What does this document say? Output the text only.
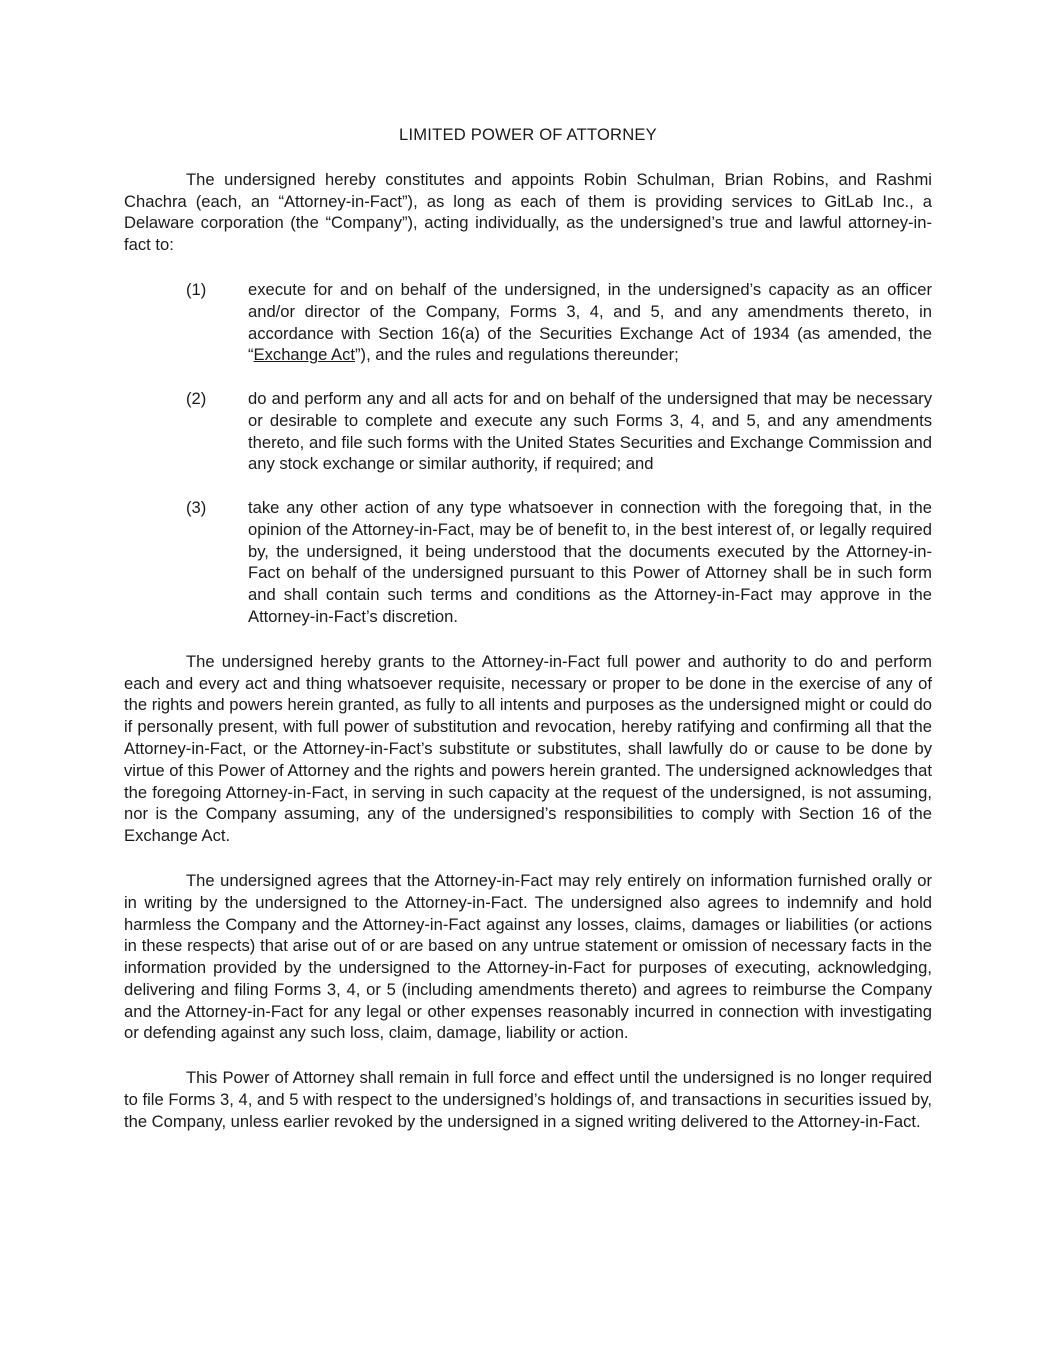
LIMITED POWER OF ATTORNEY

The undersigned hereby constitutes and appoints Robin Schulman, Brian Robins, and Rashmi Chachra (each, an “Attorney-in-Fact”), as long as each of them is providing services to GitLab Inc., a Delaware corporation (the “Company”), acting individually, as the undersigned’s true and lawful attorney-in-fact to:

(1)	execute for and on behalf of the undersigned, in the undersigned’s capacity as an officer and/or director of the Company, Forms 3, 4, and 5, and any amendments thereto, in accordance with Section 16(a) of the Securities Exchange Act of 1934 (as amended, the “Exchange Act”), and the rules and regulations thereunder;
(2)	do and perform any and all acts for and on behalf of the undersigned that may be necessary or desirable to complete and execute any such Forms 3, 4, and 5, and any amendments thereto, and file such forms with the United States Securities and Exchange Commission and any stock exchange or similar authority, if required; and
(3)	take any other action of any type whatsoever in connection with the foregoing that, in the opinion of the Attorney-in-Fact, may be of benefit to, in the best interest of, or legally required by, the undersigned, it being understood that the documents executed by the Attorney-in-Fact on behalf of the undersigned pursuant to this Power of Attorney shall be in such form and shall contain such terms and conditions as the Attorney-in-Fact may approve in the Attorney-in-Fact’s discretion.

The undersigned hereby grants to the Attorney-in-Fact full power and authority to do and perform each and every act and thing whatsoever requisite, necessary or proper to be done in the exercise of any of the rights and powers herein granted, as fully to all intents and purposes as the undersigned might or could do if personally present, with full power of substitution and revocation, hereby ratifying and confirming all that the Attorney-in-Fact, or the Attorney-in-Fact’s substitute or substitutes, shall lawfully do or cause to be done by virtue of this Power of Attorney and the rights and powers herein granted. The undersigned acknowledges that the foregoing Attorney-in-Fact, in serving in such capacity at the request of the undersigned, is not assuming, nor is the Company assuming, any of the undersigned’s responsibilities to comply with Section 16 of the Exchange Act.

The undersigned agrees that the Attorney-in-Fact may rely entirely on information furnished orally or in writing by the undersigned to the Attorney-in-Fact. The undersigned also agrees to indemnify and hold harmless the Company and the Attorney-in-Fact against any losses, claims, damages or liabilities (or actions in these respects) that arise out of or are based on any untrue statement or omission of necessary facts in the information provided by the undersigned to the Attorney-in-Fact for purposes of executing, acknowledging, delivering and filing Forms 3, 4, or 5 (including amendments thereto) and agrees to reimburse the Company and the Attorney-in-Fact for any legal or other expenses reasonably incurred in connection with investigating or defending against any such loss, claim, damage, liability or action.

This Power of Attorney shall remain in full force and effect until the undersigned is no longer required to file Forms 3, 4, and 5 with respect to the undersigned’s holdings of, and transactions in securities issued by, the Company, unless earlier revoked by the undersigned in a signed writing delivered to the Attorney-in-Fact.
